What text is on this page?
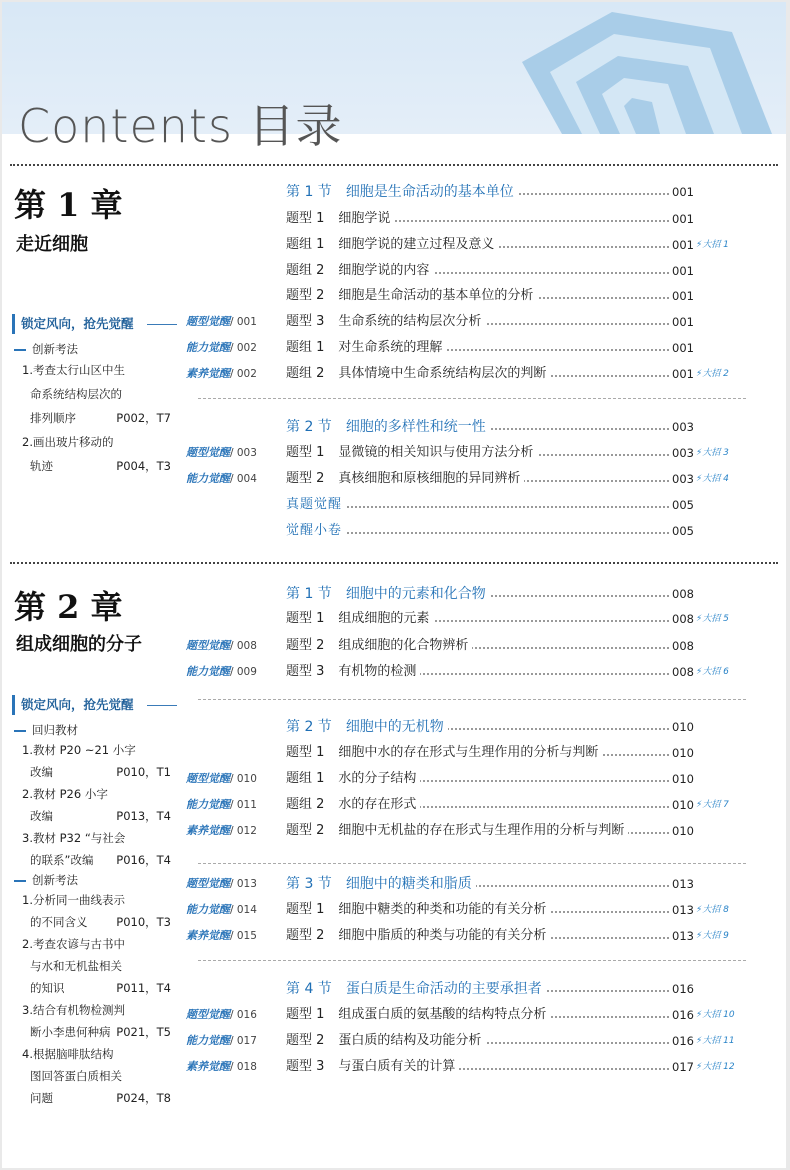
Contents 目录
第 1 章
走近细胞
锁定风向，抢先觉醒
创新考法
1.考查太行山区中生
命系统结构层次的
排列顺序	P002，T7
2.画出玻片移动的
轨迹	P004，T3
第 2 章
组成细胞的分子
锁定风向，抢先觉醒
回归教材
1.教材 P20 ~21 小字
改编	P010，T1
2.教材 P26 小字
改编	P013，T4
3.教材 P32 “与社会
的联系”改编 P016，T4
创新考法
1.分析同一曲线表示
的不同含义	P010，T3
2.考查农谚与古书中
与水和无机盐相关
的知识	P011，T4
3.结合有机物检测判
断小李患何种病 P021，T5
4.根据脑啡肽结构
图回答蛋白质相关
问题	P024，T8
第 1 节 细胞是生命活动的基本单位	001
题型 1 细胞学说	001
题组 1 细胞学说的建立过程及意义	001 ⚡大招 1
题组 2 细胞学说的内容	001
题型 2 细胞是生命活动的基本单位的分析	001
题型觉醒/ 001	题型 3 生命系统的结构层次分析	001
能力觉醒/ 002	题组 1 对生命系统的理解	001
素养觉醒/ 002	题组 2 具体情境中生命系统结构层次的判断	001 ⚡大招 2
第 2 节 细胞的多样性和统一性	003
题型觉醒/ 003	题型 1 显微镜的相关知识与使用方法分析	003 ⚡大招 3
能力觉醒/ 004	题型 2 真核细胞和原核细胞的异同辨析	003 ⚡大招 4
真题觉醒	005
觉醒小卷	005
第 1 节 细胞中的元素和化合物	008
题型 1 组成细胞的元素	008 ⚡大招 5
题型觉醒/ 008	题型 2 组成细胞的化合物辨析	008
能力觉醒/ 009	题型 3 有机物的检测	008 ⚡大招 6
第 2 节 细胞中的无机物	010
题型 1 细胞中水的存在形式与生理作用的分析与判断	010
题型觉醒/ 010	题组 1 水的分子结构	010
能力觉醒/ 011	题组 2 水的存在形式	010 ⚡大招 7
素养觉醒/ 012	题型 2 细胞中无机盐的存在形式与生理作用的分析与判断	010
题型觉醒/ 013	第 3 节 细胞中的糖类和脂质	013
能力觉醒/ 014	题型 1 细胞中糖类的种类和功能的有关分析	013 ⚡大招 8
素养觉醒/ 015	题型 2 细胞中脂质的种类与功能的有关分析	013 ⚡大招 9
第 4 节 蛋白质是生命活动的主要承担者	016
题型觉醒/ 016	题型 1 组成蛋白质的氨基酸的结构特点分析	016 ⚡大招 10
能力觉醒/ 017	题型 2 蛋白质的结构及功能分析	016 ⚡大招 11
素养觉醒/ 018	题型 3 与蛋白质有关的计算	017 ⚡大招 12
